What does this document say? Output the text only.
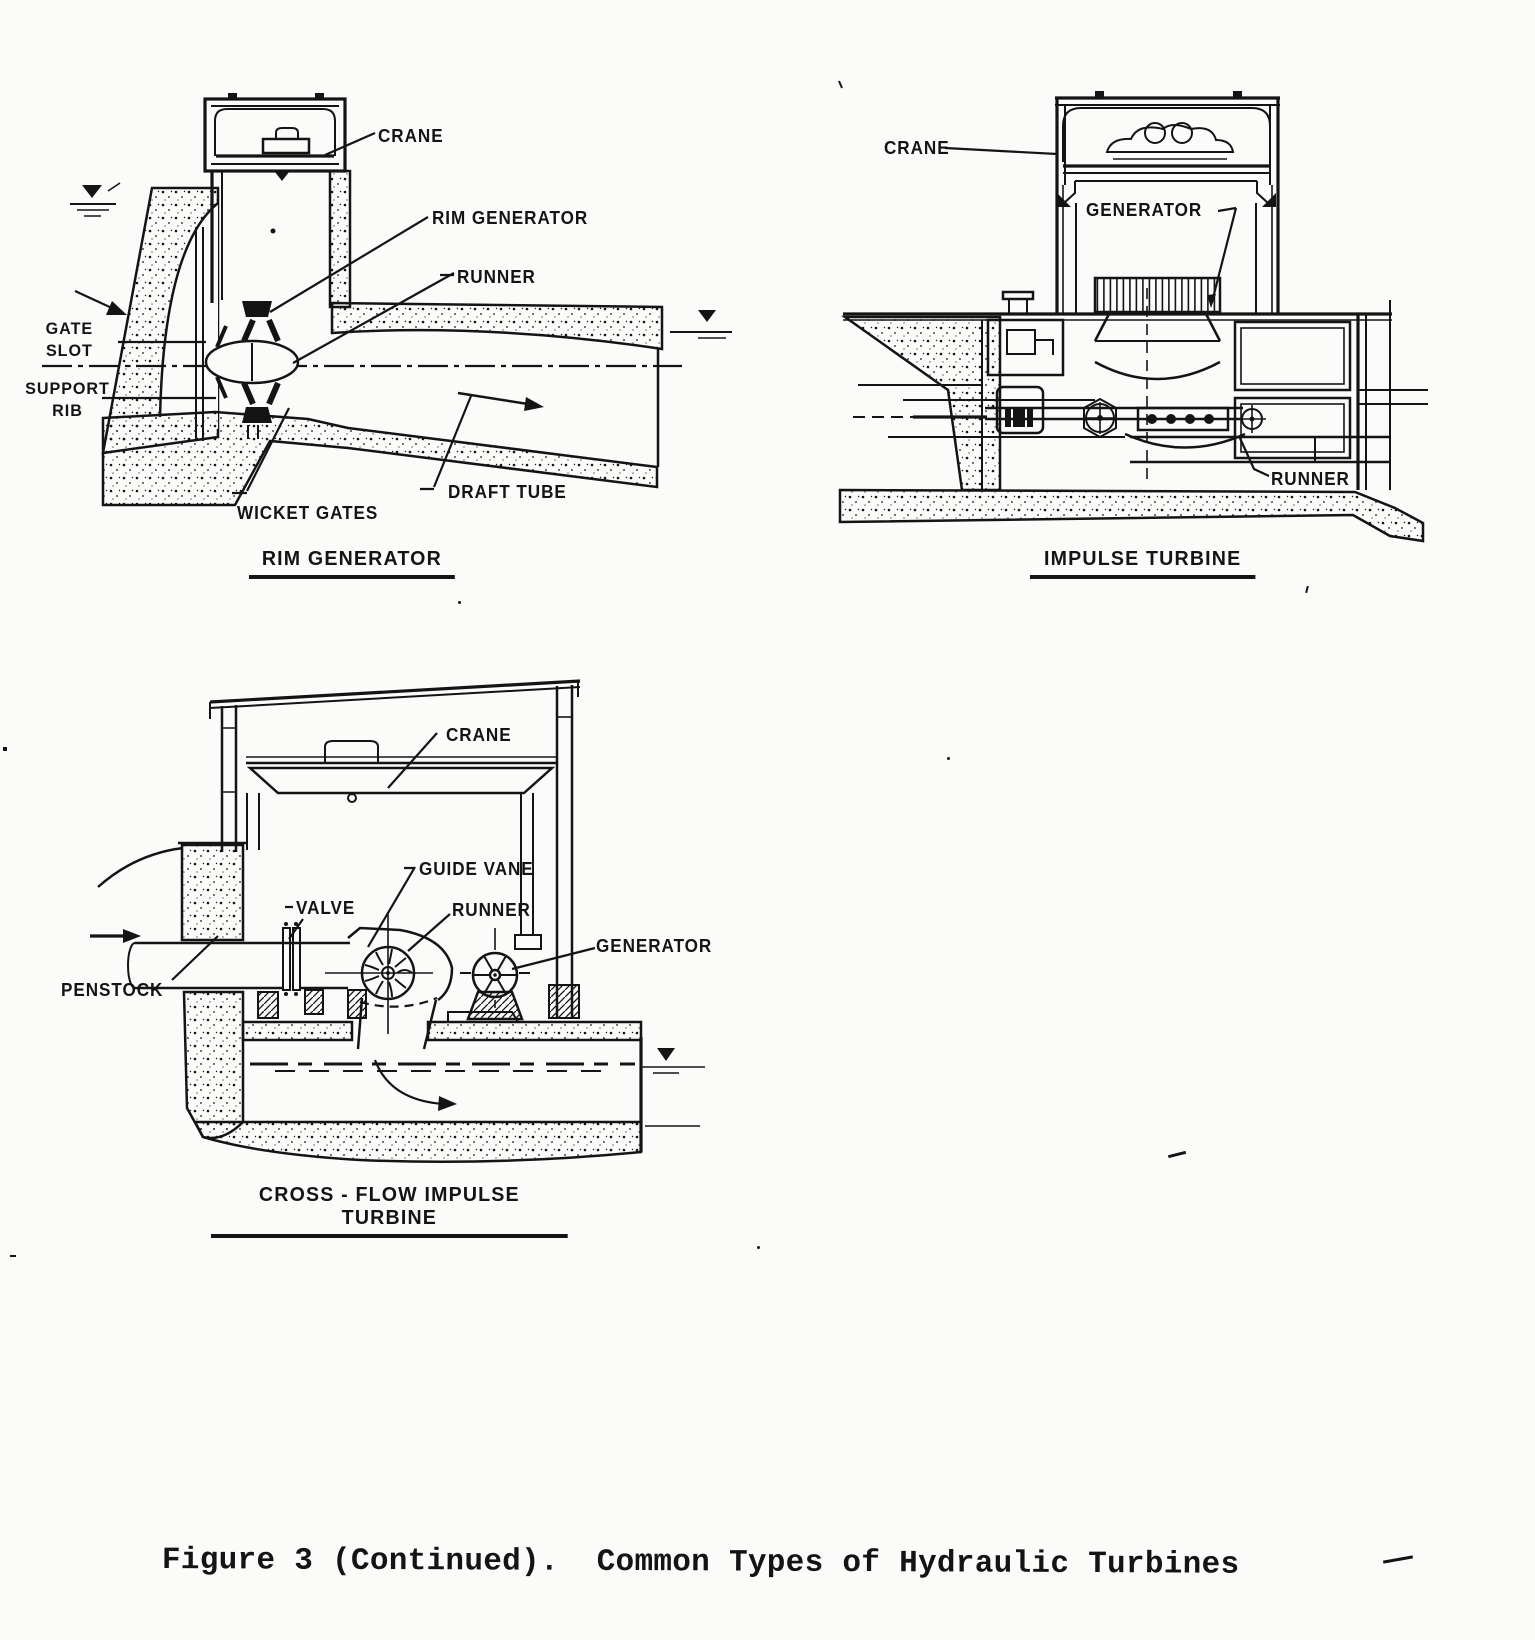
CRANE
RIM GENERATOR
RUNNER
GATE
SLOT
SUPPORT
RIB
WICKET GATES
DRAFT TUBE
RIM GENERATOR
CRANE
GENERATOR
RUNNER
IMPULSE TURBINE
CRANE
GUIDE VANE
VALVE	RUNNER
GENERATOR
PENSTOCK
CROSS - FLOW IMPULSE TURBINE
Figure 3 (Continued).  Common Types of Hydraulic Turbines
